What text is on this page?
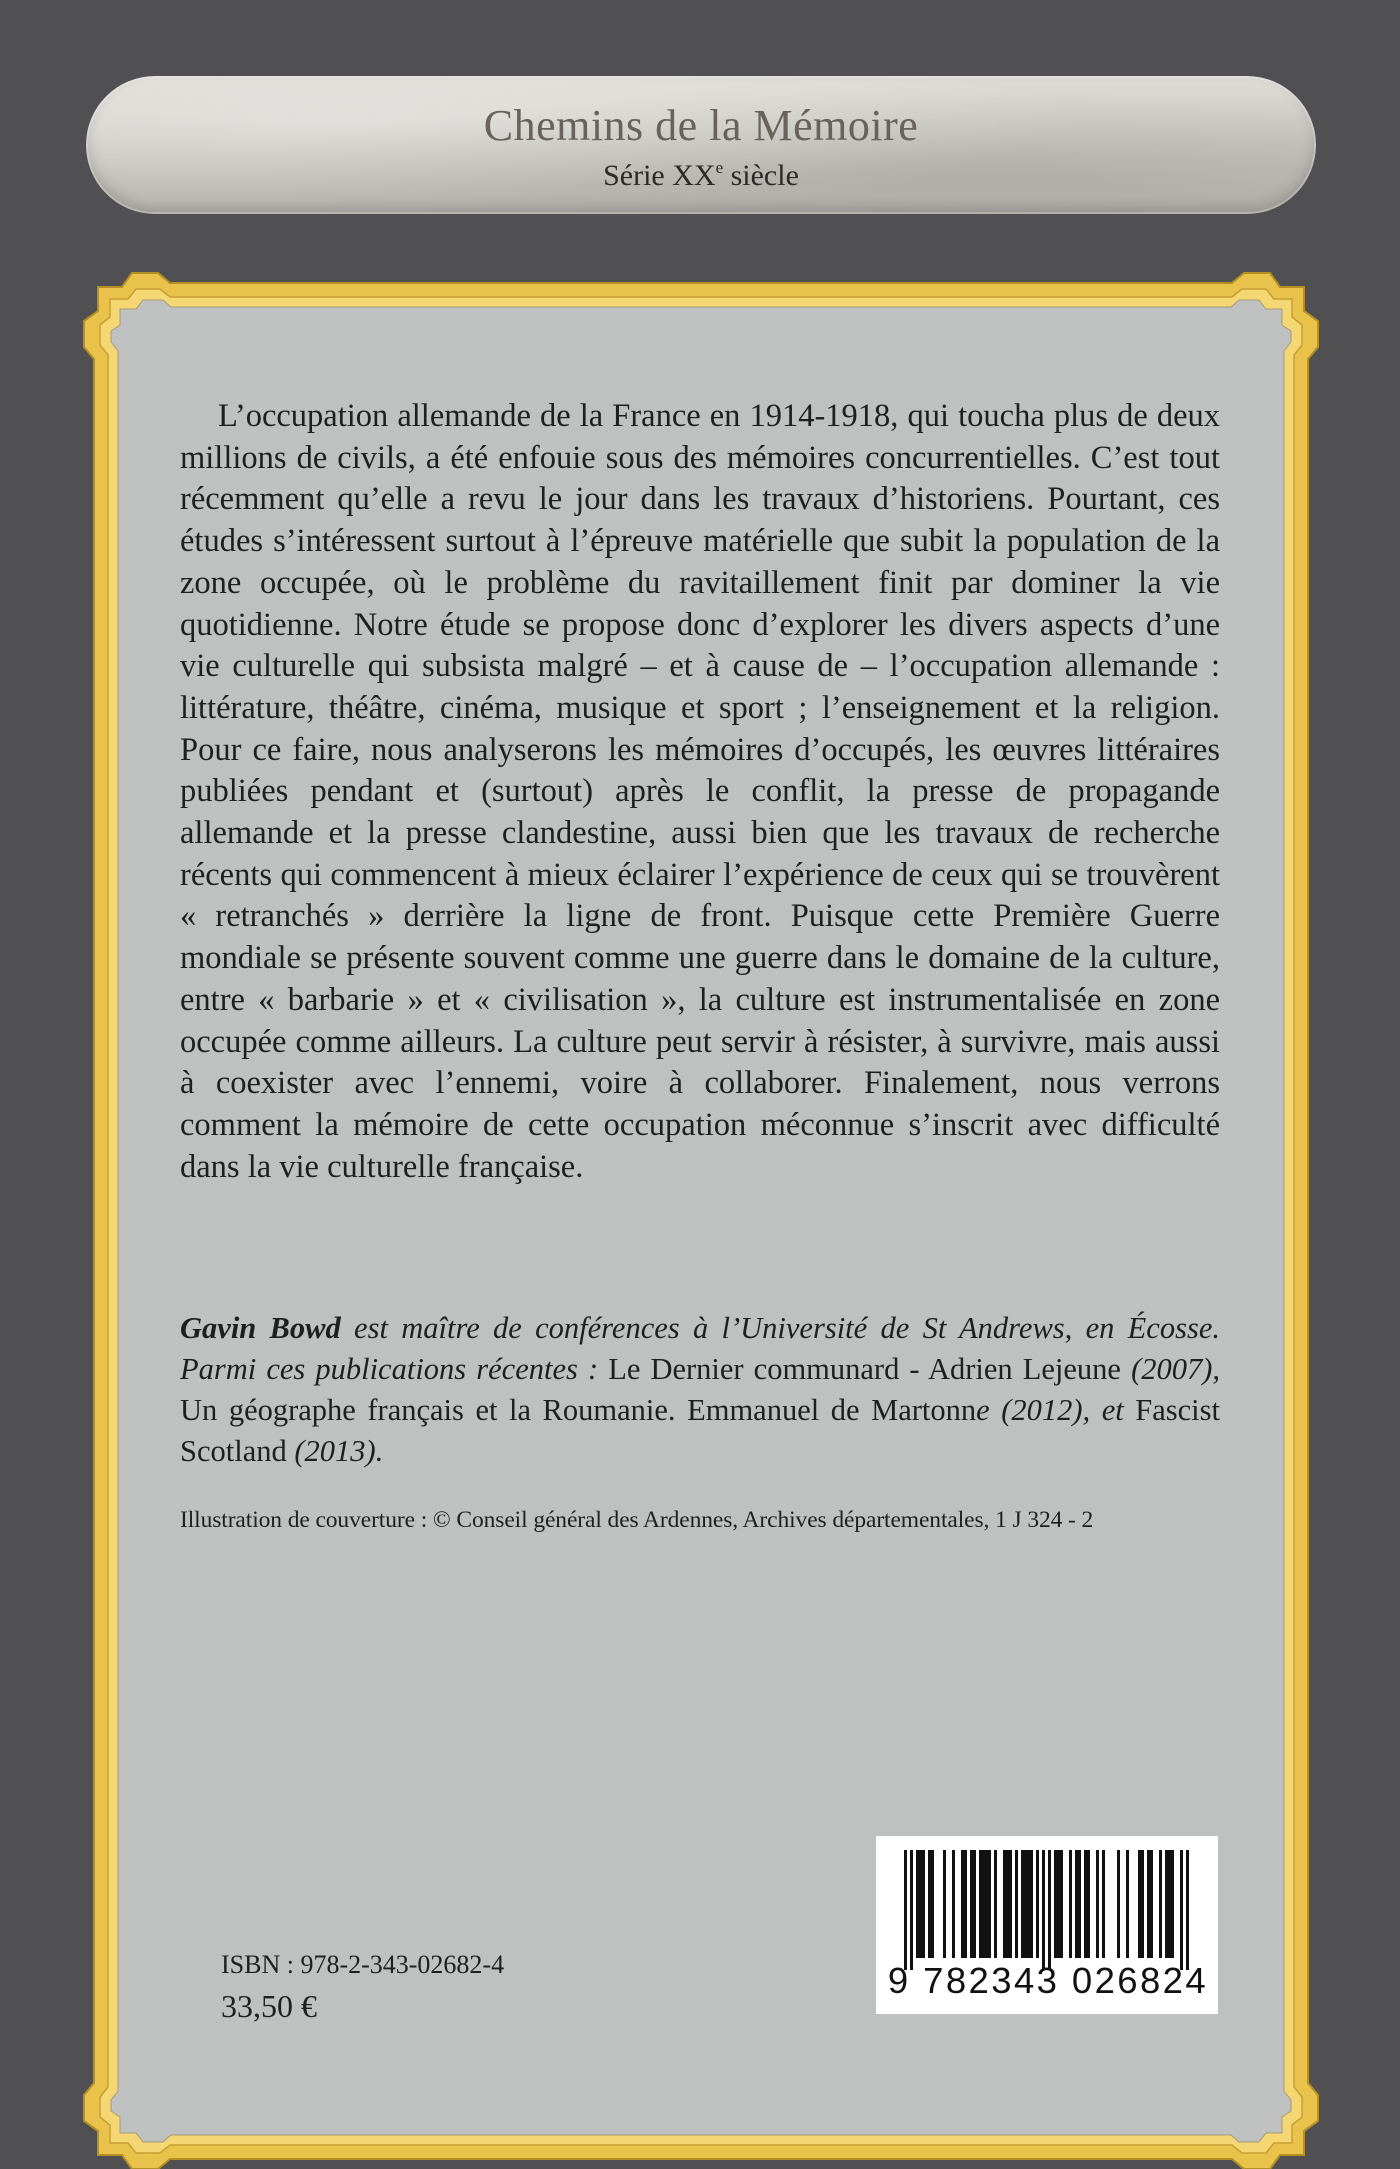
Chemins de la Mémoire
Série XXe siècle

L’occupation allemande de la France en 1914-1918, qui toucha plus de deux millions de civils, a été enfouie sous des mémoires concurrentielles. C’est tout récemment qu’elle a revu le jour dans les travaux d’historiens. Pourtant, ces études s’intéressent surtout à l’épreuve matérielle que subit la population de la zone occupée, où le problème du ravitaillement finit par dominer la vie quotidienne. Notre étude se propose donc d’explorer les divers aspects d’une vie culturelle qui subsista malgré – et à cause de – l’occupation allemande : littérature, théâtre, cinéma, musique et sport ; l’enseignement et la religion. Pour ce faire, nous analyserons les mémoires d’occupés, les œuvres littéraires publiées pendant et (surtout) après le conflit, la presse de propagande allemande et la presse clandestine, aussi bien que les travaux de recherche récents qui commencent à mieux éclairer l’expérience de ceux qui se trouvèrent « retranchés » derrière la ligne de front. Puisque cette Première Guerre mondiale se présente souvent comme une guerre dans le domaine de la culture, entre « barbarie » et « civilisation », la culture est instrumentalisée en zone occupée comme ailleurs. La culture peut servir à résister, à survivre, mais aussi à coexister avec l’ennemi, voire à collaborer. Finalement, nous verrons comment la mémoire de cette occupation méconnue s’inscrit avec difficulté dans la vie culturelle française.

Gavin Bowd est maître de conférences à l’Université de St Andrews, en Écosse. Parmi ces publications récentes : Le Dernier communard - Adrien Lejeune (2007), Un géographe français et la Roumanie. Emmanuel de Martonne (2012), et Fascist Scotland (2013).

Illustration de couverture : © Conseil général des Ardennes, Archives départementales, 1 J 324 - 2

ISBN : 978-2-343-02682-4
33,50 €
9 782343 026824
